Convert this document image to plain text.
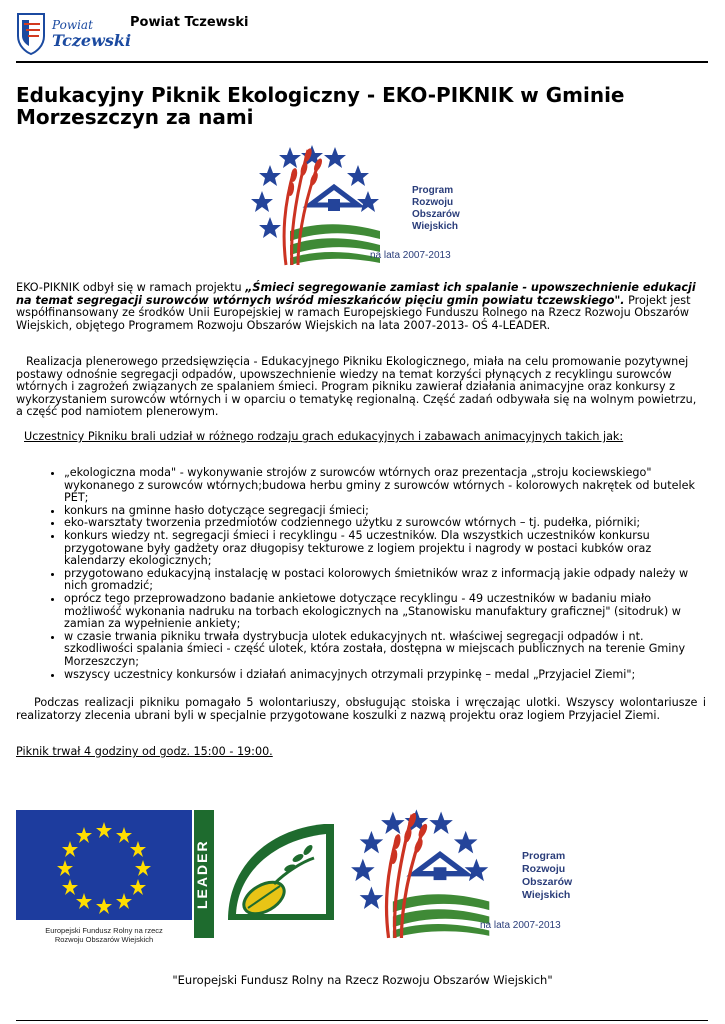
Powiat
Tczewski
Powiat Tczewski
Edukacyjny Piknik Ekologiczny - EKO-PIKNIK w Gminie Morzeszczyn za nami
Program
Rozwoju
Obszarów
Wiejskich
na lata 2007-2013

EKO-PIKNIK odbył się w ramach projektu „Śmieci segregowanie zamiast ich spalanie - upowszechnienie edukacji na temat segregacji surowców wtórnych wśród mieszkańców pięciu gmin powiatu tczewskiego". Projekt jest współfinansowany ze środków Unii Europejskiej w ramach Europejskiego Funduszu Rolnego na Rzecz Rozwoju Obszarów Wiejskich, objętego Programem Rozwoju Obszarów Wiejskich na lata 2007-2013- OŚ 4-LEADER.

Realizacja plenerowego przedsięwzięcia - Edukacyjnego Pikniku Ekologicznego, miała na celu promowanie pozytywnej postawy odnośnie segregacji odpadów, upowszechnienie wiedzy na temat korzyści płynących z recyklingu surowców wtórnych i zagrożeń związanych ze spalaniem śmieci. Program pikniku zawierał działania animacyjne oraz konkursy z wykorzystaniem surowców wtórnych i w oparciu o tematykę regionalną. Część zadań odbywała się na wolnym powietrzu, a część pod namiotem plenerowym.

Uczestnicy Pikniku brali udział w różnego rodzaju grach edukacyjnych i zabawach animacyjnych takich jak:

• „ekologiczna moda" - wykonywanie strojów z surowców wtórnych oraz prezentacja „stroju kociewskiego" wykonanego z surowców wtórnych;budowa herbu gminy z surowców wtórnych - kolorowych nakrętek od butelek PET;
• konkurs na gminne hasło dotyczące segregacji śmieci;
• eko-warsztaty tworzenia przedmiotów codziennego użytku z surowców wtórnych – tj. pudełka, piórniki;
• konkurs wiedzy nt. segregacji śmieci i recyklingu - 45 uczestników. Dla wszystkich uczestników konkursu przygotowane były gadżety oraz długopisy tekturowe z logiem projektu i nagrody w postaci kubków oraz kalendarzy ekologicznych;
• przygotowano edukacyjną instalację w postaci kolorowych śmietników wraz z informacją jakie odpady należy w nich gromadzić;
• oprócz tego przeprowadzono badanie ankietowe dotyczące recyklingu - 49 uczestników w badaniu miało możliwość wykonania nadruku na torbach ekologicznych na „Stanowisku manufaktury graficznej" (sitodruk) w zamian za wypełnienie ankiety;
• w czasie trwania pikniku trwała dystrybucja ulotek edukacyjnych nt. właściwej segregacji odpadów i nt. szkodliwości spalania śmieci - część ulotek, która została, dostępna w miejscach publicznych na terenie Gminy Morzeszczyn;
• wszyscy uczestnicy konkursów i działań animacyjnych otrzymali przypinkę – medal „Przyjaciel Ziemi";

Podczas realizacji pikniku pomagało 5 wolontariuszy, obsługując stoiska i wręczając ulotki. Wszyscy wolontariusze i realizatorzy zlecenia ubrani byli w specjalnie przygotowane koszulki z nazwą projektu oraz logiem Przyjaciel Ziemi.

Piknik trwał 4 godziny od godz. 15:00 - 19:00.

Europejski Fundusz Rolny na rzecz
Rozwoju Obszarów Wiejskich
LEADER	Program
Rozwoju
Obszarów
Wiejskich
na lata 2007-2013
"Europejski Fundusz Rolny na Rzecz Rozwoju Obszarów Wiejskich"
